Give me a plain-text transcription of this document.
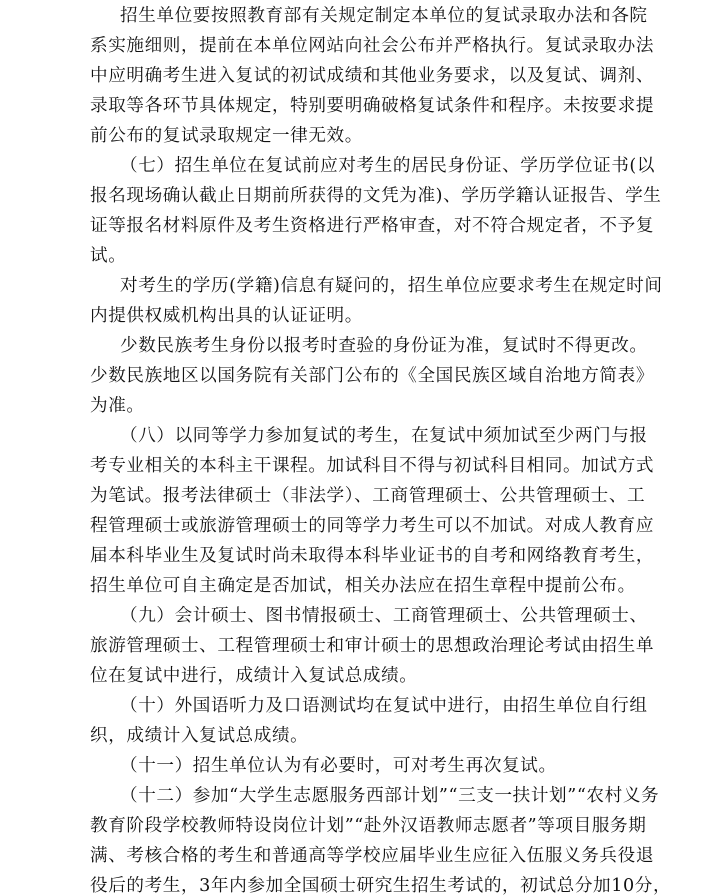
招生单位要按照教育部有关规定制定本单位的复试录取办法和各院

系实施细则，提前在本单位网站向社会公布并严格执行。复试录取办法

中应明确考生进入复试的初试成绩和其他业务要求，以及复试、调剂、

录取等各环节具体规定，特别要明确破格复试条件和程序。未按要求提

前公布的复试录取规定一律无效。

（七）招生单位在复试前应对考生的居民身份证、学历学位证书(以

报名现场确认截止日期前所获得的文凭为准)、学历学籍认证报告、学生

证等报名材料原件及考生资格进行严格审查，对不符合规定者，不予复

试。

对考生的学历(学籍)信息有疑问的，招生单位应要求考生在规定时间

内提供权威机构出具的认证证明。

少数民族考生身份以报考时查验的身份证为准，复试时不得更改。

少数民族地区以国务院有关部门公布的《全国民族区域自治地方简表》

为准。

（八）以同等学力参加复试的考生，在复试中须加试至少两门与报

考专业相关的本科主干课程。加试科目不得与初试科目相同。加试方式

为笔试。报考法律硕士（非法学）、工商管理硕士、公共管理硕士、工

程管理硕士或旅游管理硕士的同等学力考生可以不加试。对成人教育应

届本科毕业生及复试时尚未取得本科毕业证书的自考和网络教育考生，

招生单位可自主确定是否加试，相关办法应在招生章程中提前公布。

（九）会计硕士、图书情报硕士、工商管理硕士、公共管理硕士、

旅游管理硕士、工程管理硕士和审计硕士的思想政治理论考试由招生单

位在复试中进行，成绩计入复试总成绩。

（十）外国语听力及口语测试均在复试中进行，由招生单位自行组

织，成绩计入复试总成绩。

（十一）招生单位认为有必要时，可对考生再次复试。

（十二）参加“大学生志愿服务西部计划”“三支一扶计划”“农村义务

教育阶段学校教师特设岗位计划”“赴外汉语教师志愿者”等项目服务期

满、考核合格的考生和普通高等学校应届毕业生应征入伍服义务兵役退

役后的考生，3年内参加全国硕士研究生招生考试的，初试总分加10分，
